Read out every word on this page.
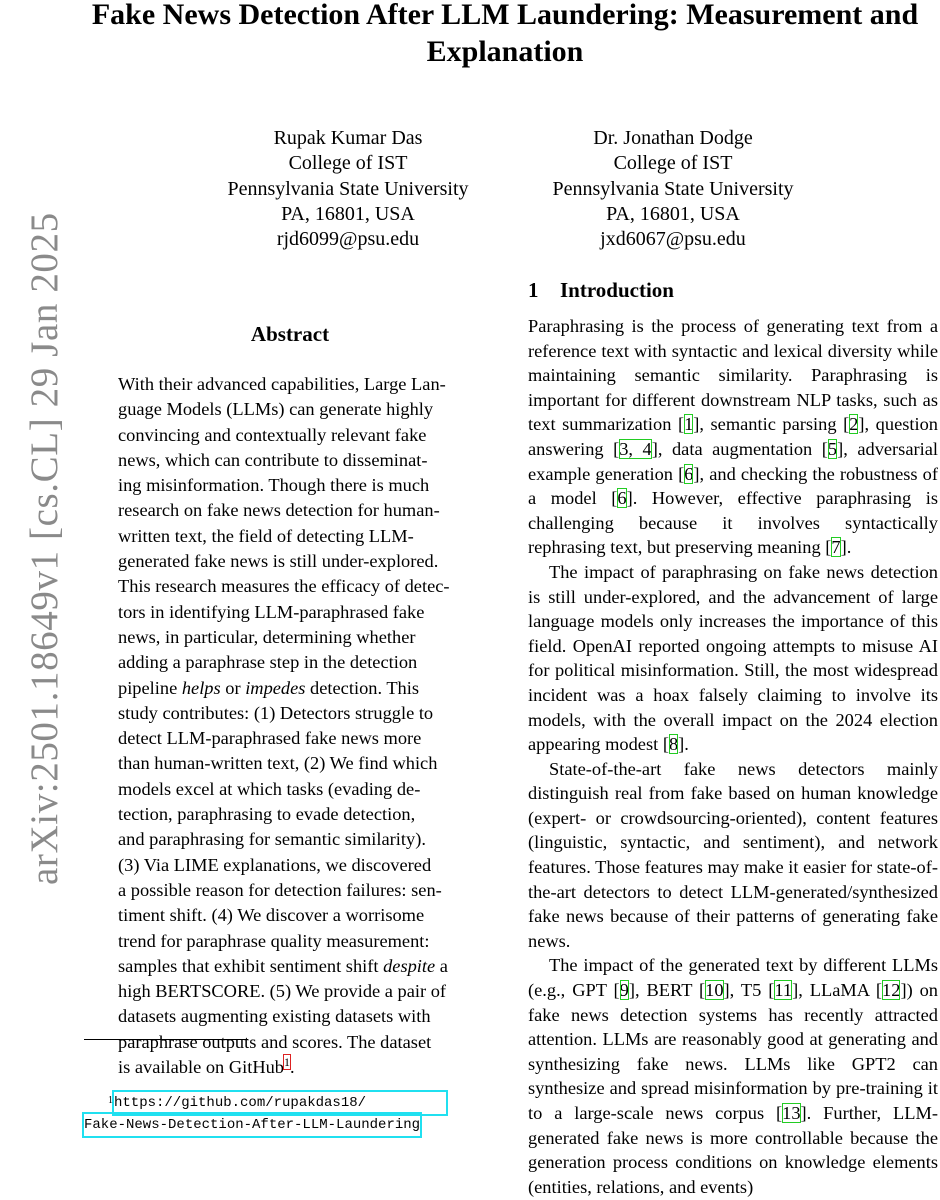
Fake News Detection After LLM Laundering: Measurement and
Explanation
Rupak Kumar Das
College of IST
Pennsylvania State University
PA, 16801, USA
rjd6099@psu.edu
Dr. Jonathan Dodge
College of IST
Pennsylvania State University
PA, 16801, USA
jxd6067@psu.edu
arXiv:2501.18649v1 [cs.CL] 29 Jan 2025	Abstract
With their advanced capabilities, Large Lan-
guage Models (LLMs) can generate highly
convincing and contextually relevant fake
news, which can contribute to disseminat-
ing misinformation. Though there is much
research on fake news detection for human-
written text, the field of detecting LLM-
generated fake news is still under-explored.
This research measures the efficacy of detec-
tors in identifying LLM-paraphrased fake
news, in particular, determining whether
adding a paraphrase step in the detection
pipeline helps or impedes detection. This
study contributes: (1) Detectors struggle to
detect LLM-paraphrased fake news more
than human-written text, (2) We find which
models excel at which tasks (evading de-
tection, paraphrasing to evade detection,
and paraphrasing for semantic similarity).
(3) Via LIME explanations, we discovered
a possible reason for detection failures: sen-
timent shift. (4) We discover a worrisome
trend for paraphrase quality measurement:
samples that exhibit sentiment shift despite a
high BERTSCORE. (5) We provide a pair of
datasets augmenting existing datasets with
paraphrase outputs and scores. The dataset
is available on GitHub$^1$.
1 Introduction

Paraphrasing is the process of generating text from a reference text with syntactic and lexical diversity while maintaining semantic similarity. Paraphrasing is important for different downstream NLP tasks, such as text summarization [1], semantic parsing [2], question answering [3, 4], data augmentation [5], adversarial example generation [6], and checking the robustness of a model [6]. However, effective paraphrasing is challenging because it involves syntactically rephrasing text, but preserving meaning [7].

The impact of paraphrasing on fake news detection is still under-explored, and the advancement of large language models only increases the importance of this field. OpenAI reported ongoing attempts to misuse AI for political misinformation. Still, the most widespread incident was a hoax falsely claiming to involve its models, with the overall impact on the 2024 election appearing modest [8].

State-of-the-art fake news detectors mainly distinguish real from fake based on human knowledge (expert- or crowdsourcing-oriented), content features (linguistic, syntactic, and sentiment), and network features. Those features may make it easier for state-of-the-art detectors to detect LLM-generated/synthesized fake news because of their patterns of generating fake news.

The impact of the generated text by different LLMs (e.g., GPT [9], BERT [10], T5 [11], LLaMA [12]) on fake news detection systems has recently attracted attention. LLMs are reasonably good at generating and synthesizing fake news. LLMs like GPT2 can synthesize and spread misinformation by pre-training it to a large-scale news corpus [13]. Further, LLM-generated fake news is more controllable because the generation process conditions on knowledge elements (entities, relations, and events)

1 https://github.com/rupakdas18/
Fake-News-Detection-After-LLM-Laundering
